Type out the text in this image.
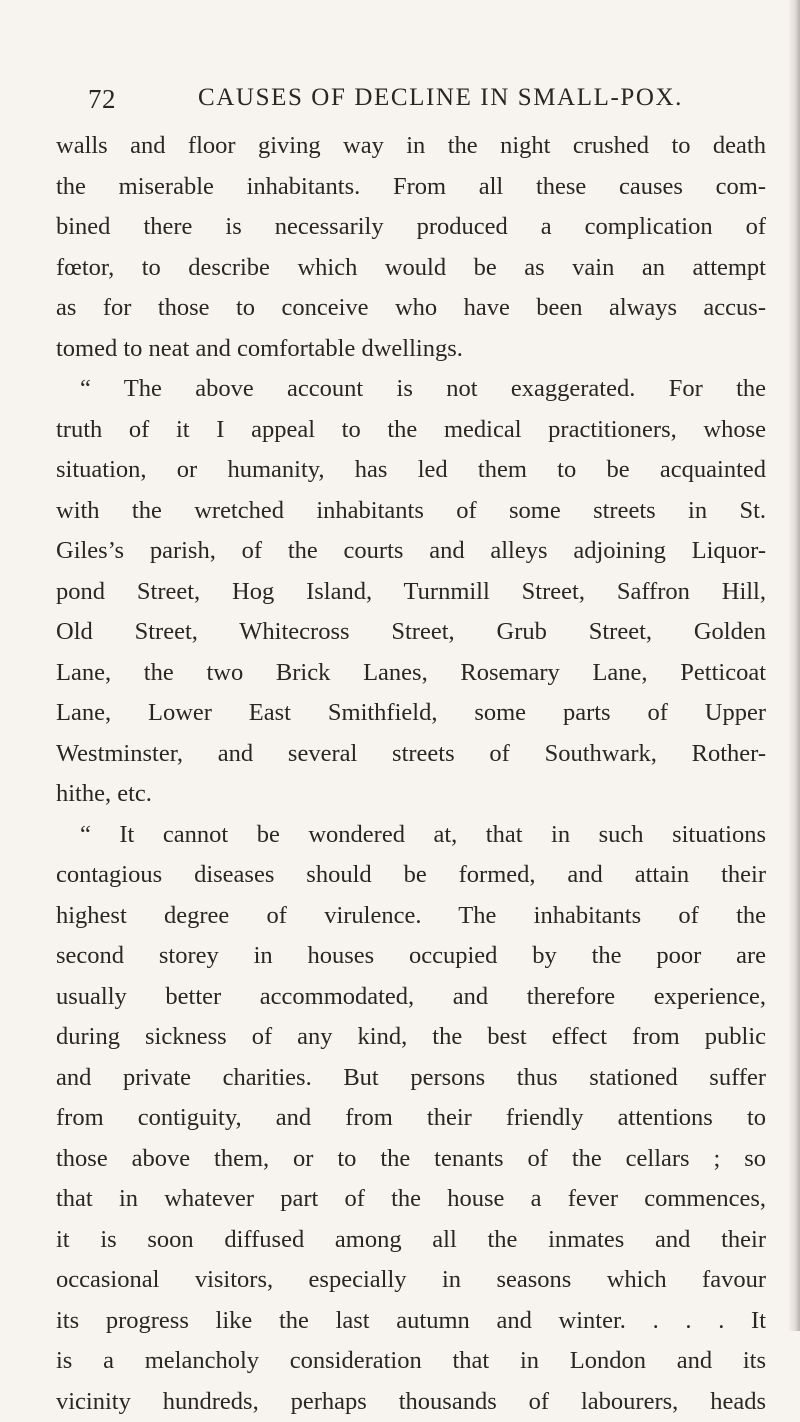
72	CAUSES OF DECLINE IN SMALL-POX.
walls and floor giving way in the night crushed to death
the miserable inhabitants. From all these causes com-
bined there is necessarily produced a complication of
fœtor, to describe which would be as vain an attempt
as for those to conceive who have been always accus-
tomed to neat and comfortable dwellings.
“ The above account is not exaggerated. For the
truth of it I appeal to the medical practitioners, whose
situation, or humanity, has led them to be acquainted
with the wretched inhabitants of some streets in St.
Giles’s parish, of the courts and alleys adjoining Liquor-
pond Street, Hog Island, Turnmill Street, Saffron Hill,
Old Street, Whitecross Street, Grub Street, Golden
Lane, the two Brick Lanes, Rosemary Lane, Petticoat
Lane, Lower East Smithfield, some parts of Upper
Westminster, and several streets of Southwark, Rother-
hithe, etc.
“ It cannot be wondered at, that in such situations
contagious diseases should be formed, and attain their
highest degree of virulence. The inhabitants of the
second storey in houses occupied by the poor are
usually better accommodated, and therefore experience,
during sickness of any kind, the best effect from public
and private charities. But persons thus stationed suffer
from contiguity, and from their friendly attentions to
those above them, or to the tenants of the cellars ; so
that in whatever part of the house a fever commences,
it is soon diffused among all the inmates and their
occasional visitors, especially in seasons which favour
its progress like the last autumn and winter. . . . It
is a melancholy consideration that in London and its
vicinity hundreds, perhaps thousands of labourers, heads
